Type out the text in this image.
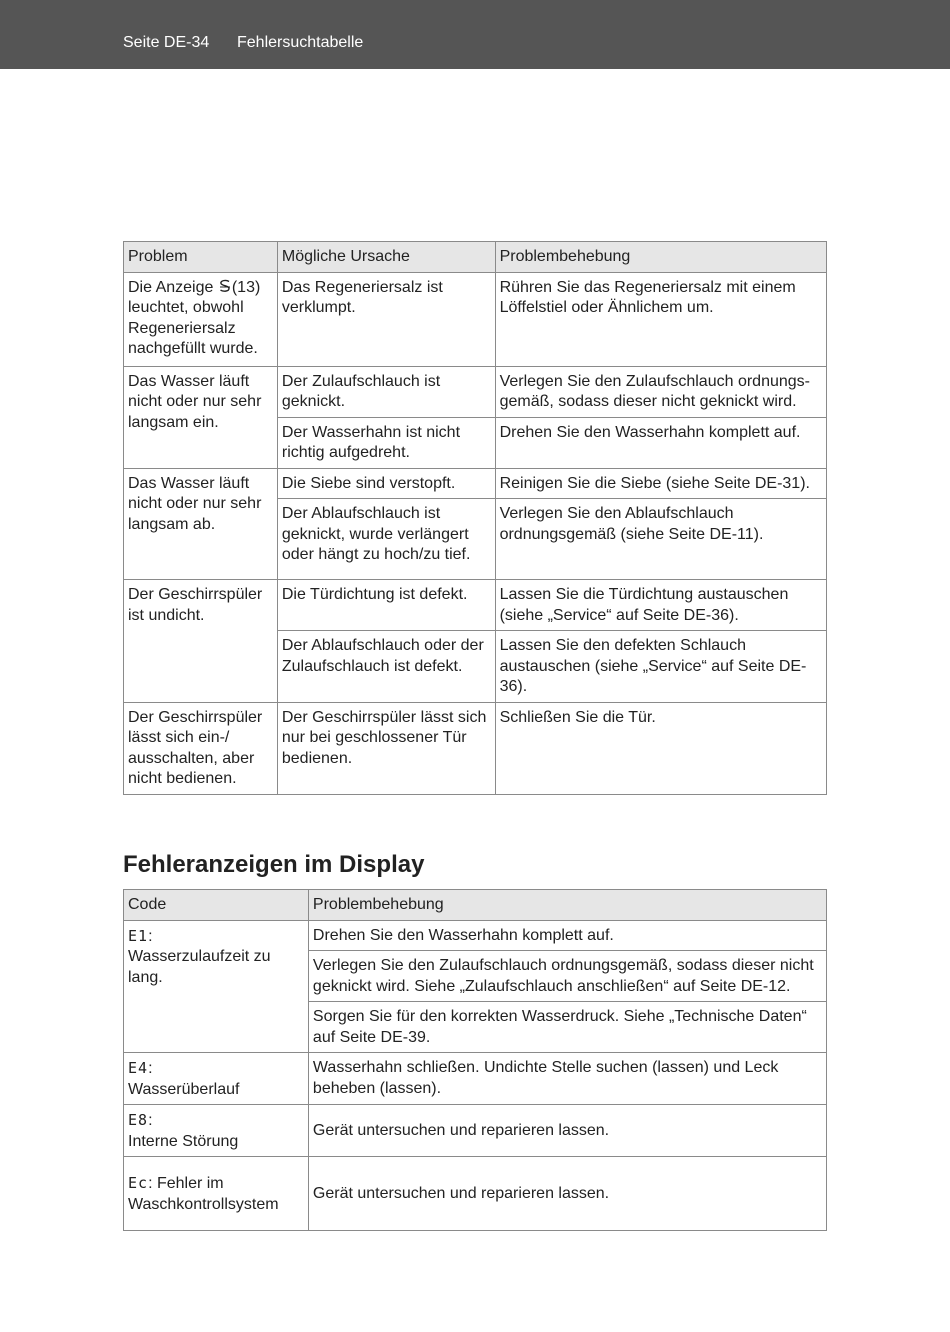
Seite DE-34 Fehlersuchtabelle
Problem	Mögliche Ursache	Problembehebung
Die Anzeige (13) leuchtet, obwohl Regeneriersalz nachgefüllt wurde.	Das Regeneriersalz ist verklumpt.	Rühren Sie das Regeneriersalz mit einem Löffelstiel oder Ähnlichem um.
Das Wasser läuft nicht oder nur sehr langsam ein.	Der Zulaufschlauch ist geknickt.	Verlegen Sie den Zulaufschlauch ordnungs-gemäß, sodass dieser nicht geknickt wird.
	Der Wasserhahn ist nicht richtig aufgedreht.	Drehen Sie den Wasserhahn komplett auf.
Das Wasser läuft nicht oder nur sehr langsam ab.	Die Siebe sind verstopft.	Reinigen Sie die Siebe (siehe Seite DE-31).
	Der Ablaufschlauch ist geknickt, wurde verlängert oder hängt zu hoch/zu tief.	Verlegen Sie den Ablaufschlauch ordnungsgemäß (siehe Seite DE-11).
Der Geschirrspüler ist undicht.	Die Türdichtung ist defekt.	Lassen Sie die Türdichtung austauschen (siehe „Service“ auf Seite DE-36).
	Der Ablaufschlauch oder der Zulaufschlauch ist defekt.	Lassen Sie den defekten Schlauch austauschen (siehe „Service“ auf Seite DE-36).
Der Geschirrspüler lässt sich ein-/ ausschalten, aber nicht bedienen.	Der Geschirrspüler lässt sich nur bei geschlossener Tür bedienen.	Schließen Sie die Tür.
Fehleranzeigen im Display
Code	Problembehebung
E1:
Wasserzulaufzeit zu lang.	Drehen Sie den Wasserhahn komplett auf.
	Verlegen Sie den Zulaufschlauch ordnungsgemäß, sodass dieser nicht geknickt wird. Siehe „Zulaufschlauch anschließen“ auf Seite DE-12.
	Sorgen Sie für den korrekten Wasserdruck. Siehe „Technische Daten“ auf Seite DE-39.
E4:
Wasserüberlauf	Wasserhahn schließen. Undichte Stelle suchen (lassen) und Leck beheben (lassen).
E8:
Interne Störung	Gerät untersuchen und reparieren lassen.
Ec: Fehler im Waschkontrollsystem	Gerät untersuchen und reparieren lassen.
